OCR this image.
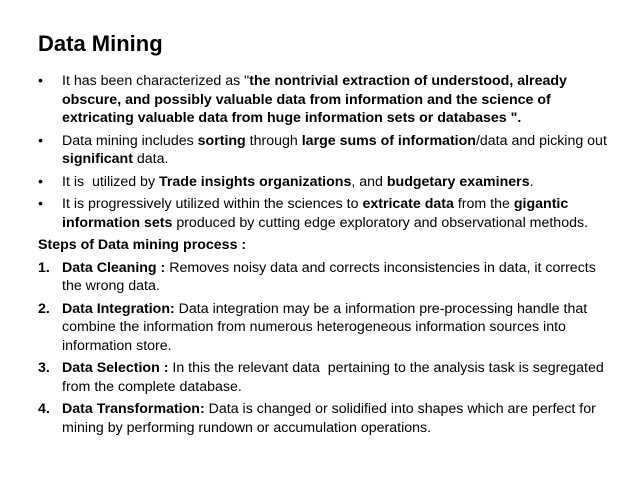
Data Mining
• It has been characterized as "the nontrivial extraction of understood, already obscure, and possibly valuable data from information and the science of extricating valuable data from huge information sets or databases ".
• Data mining includes sorting through large sums of information/data and picking out significant data.
• It is  utilized by Trade insights organizations, and budgetary examiners.
• It is progressively utilized within the sciences to extricate data from the gigantic information sets produced by cutting edge exploratory and observational methods.
Steps of Data mining process :
1. Data Cleaning : Removes noisy data and corrects inconsistencies in data, it corrects the wrong data.
2. Data Integration: Data integration may be a information pre-processing handle that combine the information from numerous heterogeneous information sources into information store.
3. Data Selection : In this the relevant data  pertaining to the analysis task is segregated from the complete database.
4. Data Transformation: Data is changed or solidified into shapes which are perfect for mining by performing rundown or accumulation operations.
